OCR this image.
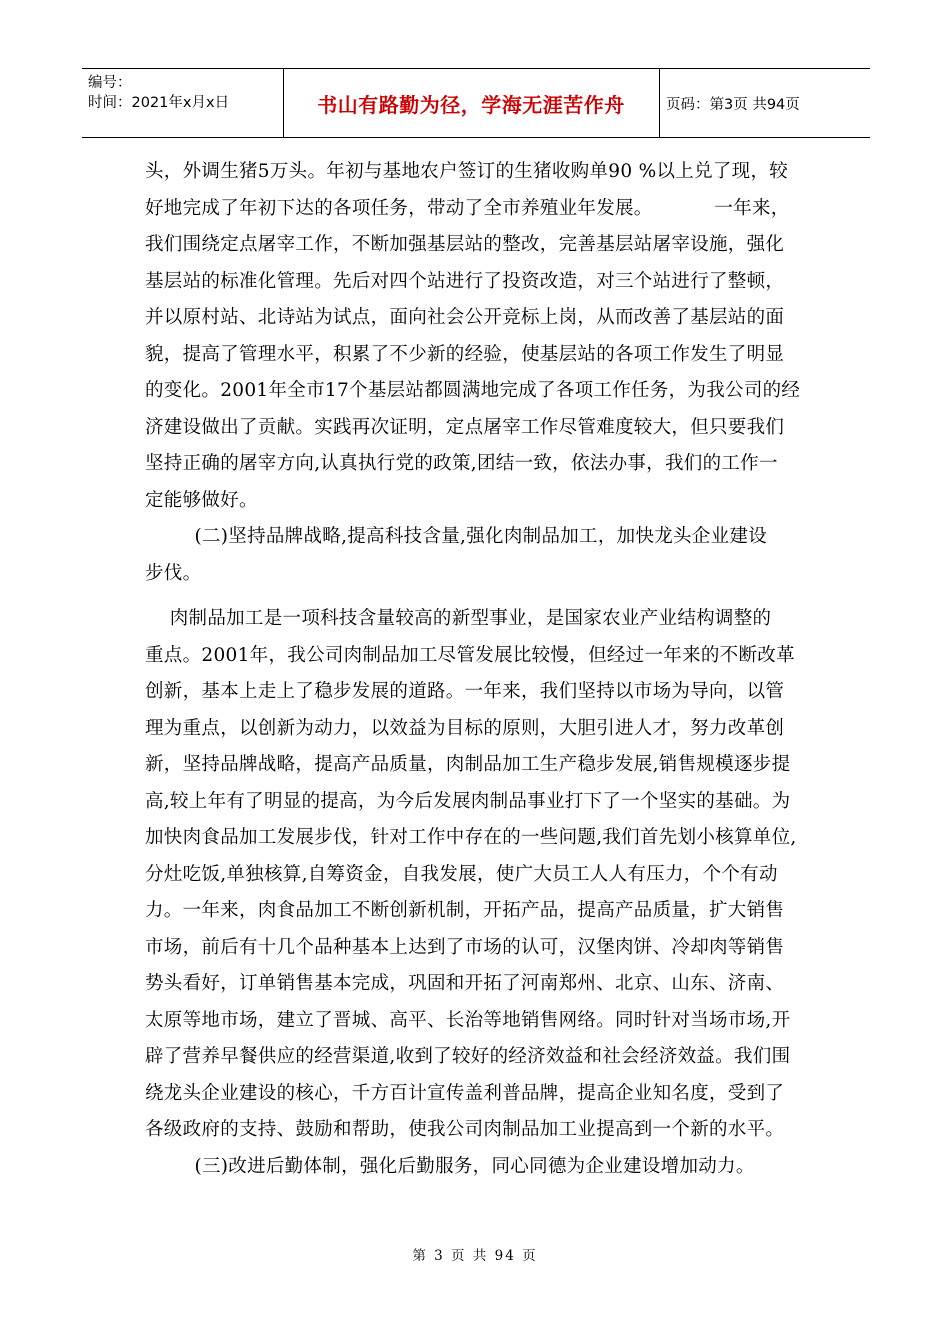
编号：
时间：2021年x月x日	书山有路勤为径，学海无涯苦作舟	页码：第3页 共94页
头，外调生猪5万头。年初与基地农户签订的生猪收购单90 %以上兑了现，较
好地完成了年初下达的各项任务，带动了全市养殖业年发展。          一年来，
我们围绕定点屠宰工作，不断加强基层站的整改，完善基层站屠宰设施，强化
基层站的标准化管理。先后对四个站进行了投资改造，对三个站进行了整顿，
并以原村站、北诗站为试点，面向社会公开竞标上岗，从而改善了基层站的面
貌，提高了管理水平，积累了不少新的经验，使基层站的各项工作发生了明显
的变化。2001年全市17个基层站都圆满地完成了各项工作任务，为我公司的经
济建设做出了贡献。实践再次证明，定点屠宰工作尽管难度较大，但只要我们
坚持正确的屠宰方向,认真执行党的政策,团结一致，依法办事，我们的工作一
定能够做好。
(二)坚持品牌战略,提高科技含量,强化肉制品加工，加快龙头企业建设
步伐。
肉制品加工是一项科技含量较高的新型事业，是国家农业产业结构调整的
重点。2001年，我公司肉制品加工尽管发展比较慢，但经过一年来的不断改革
创新，基本上走上了稳步发展的道路。一年来，我们坚持以市场为导向，以管
理为重点，以创新为动力，以效益为目标的原则，大胆引进人才，努力改革创
新，坚持品牌战略，提高产品质量，肉制品加工生产稳步发展,销售规模逐步提
高,较上年有了明显的提高，为今后发展肉制品事业打下了一个坚实的基础。为
加快肉食品加工发展步伐，针对工作中存在的一些问题,我们首先划小核算单位,
分灶吃饭,单独核算,自筹资金，自我发展，使广大员工人人有压力，个个有动
力。一年来，肉食品加工不断创新机制，开拓产品，提高产品质量，扩大销售
市场，前后有十几个品种基本上达到了市场的认可，汉堡肉饼、冷却肉等销售
势头看好，订单销售基本完成，巩固和开拓了河南郑州、北京、山东、济南、
太原等地市场，建立了晋城、高平、长治等地销售网络。同时针对当场市场,开
辟了营养早餐供应的经营渠道,收到了较好的经济效益和社会经济效益。我们围
绕龙头企业建设的核心，千方百计宣传盖利普品牌，提高企业知名度，受到了
各级政府的支持、鼓励和帮助，使我公司肉制品加工业提高到一个新的水平。
(三)改进后勤体制，强化后勤服务，同心同德为企业建设增加动力。
第 3 页 共 94 页
